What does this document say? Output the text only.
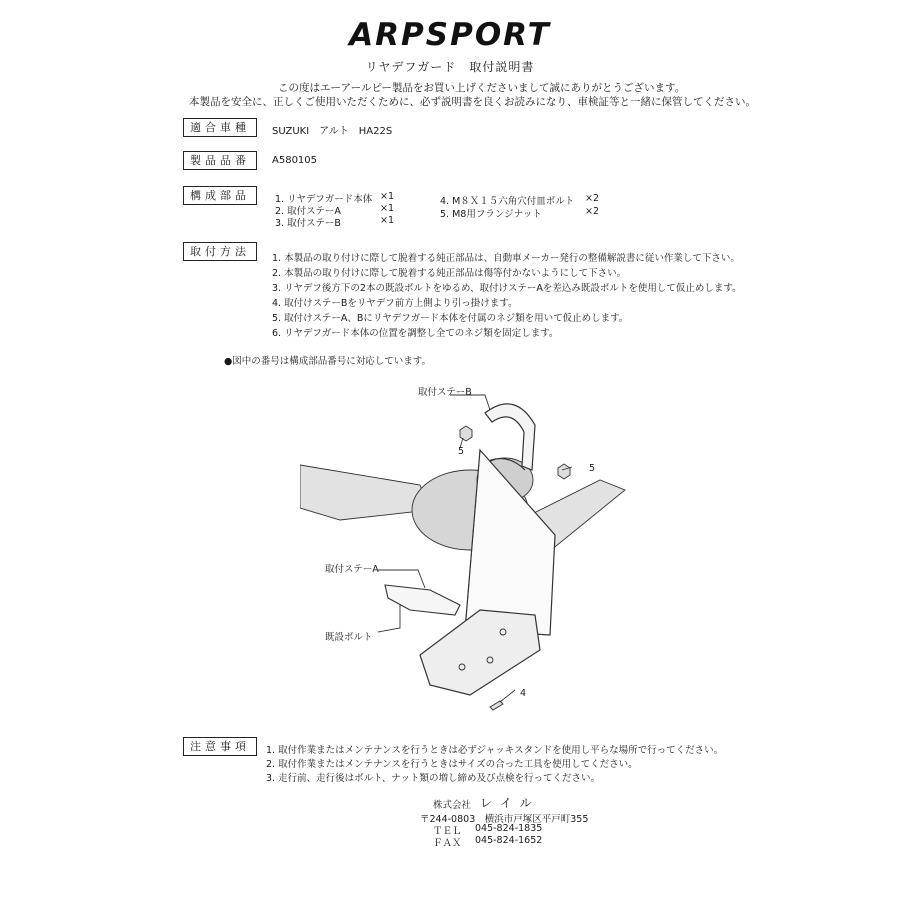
ARPSPORT
リヤデフガード　取付説明書
この度はエーアールピー製品をお買い上げくださいまして誠にありがとうございます。
本製品を安全に、正しくご使用いただくために、必ず説明書を良くお読みになり、車検証等と一緒に保管してください。
適合車種	SUZUKI　アルト　HA22S
製品品番	A580105
構成部品	1. リヤデフガード本体 ×1
2. 取付ステーA	×1
3. 取付ステーB	×1
4. M８Ｘ１５六角穴付皿ボルト ×2
5. M8用フランジナット	×2
取付方法
1. 本製品の取り付けに際して脱着する純正部品は、自動車メーカー発行の整備解説書に従い作業して下さい。
2. 本製品の取り付けに際して脱着する純正部品は傷等付かないようにして下さい。
3. リヤデフ後方下の2本の既設ボルトをゆるめ、取付けステーAを差込み既設ボルトを使用して仮止めします。
4. 取付けステーBをリヤデフ前方上側より引っ掛けます。
5. 取付けステーA、Bにリヤデフガード本体を付属のネジ類を用いて仮止めします。
6. リヤデフガード本体の位置を調整し全てのネジ類を固定します。
●図中の番号は構成部品番号に対応しています。
取付ステーB
5
5
取付ステーA
既設ボルト
4
注意事項	1. 取付作業またはメンテナンスを行うときは必ずジャッキスタンドを使用し平らな場所で行ってください。
2. 取付作業またはメンテナンスを行うときはサイズの合った工具を使用してください。
3. 走行前、走行後はボルト、ナット類の増し締め及び点検を行ってください。
株式会社 レ イ ル
〒244-0803　横浜市戸塚区平戸町355
ＴＥＬ 045-824-1835
ＦＡＸ 045-824-1652
